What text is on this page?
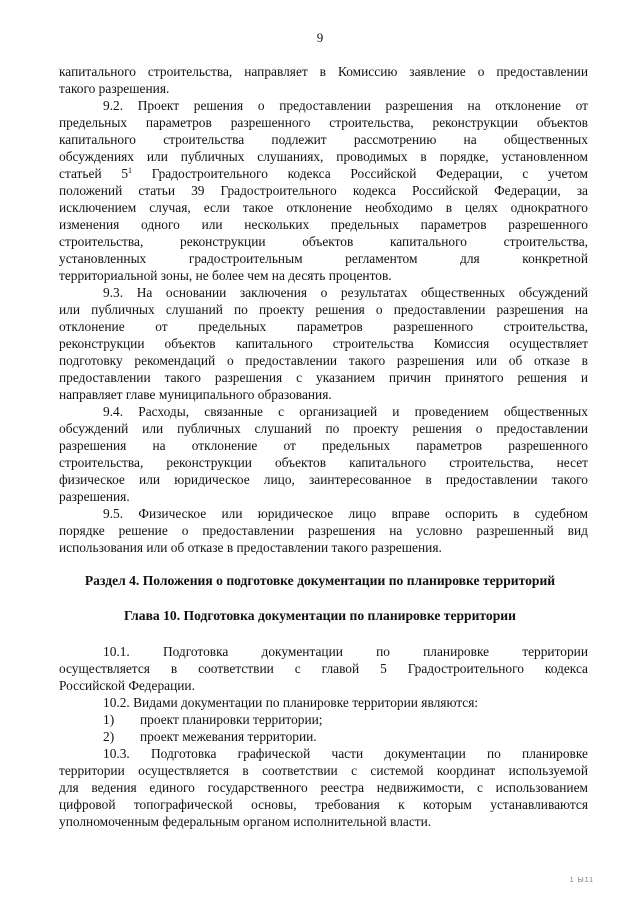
9
капитального строительства, направляет в Комиссию заявление о предоставлении
такого разрешения.
9.2. Проект решения о предоставлении разрешения на отклонение от
предельных параметров разрешенного строительства, реконструкции объектов
капитального строительства подлежит рассмотрению на общественных
обсуждениях или публичных слушаниях, проводимых в порядке, установленном
статьей $5^1$ Градостроительного кодекса Российской Федерации, с учетом
положений статьи 39 Градостроительного кодекса Российской Федерации, за
исключением случая, если такое отклонение необходимо в целях однократного
изменения одного или нескольких предельных параметров разрешенного
строительства, реконструкции объектов капитального строительства,
установленных градостроительным регламентом для конкретной
территориальной зоны, не более чем на десять процентов.
9.3. На основании заключения о результатах общественных обсуждений
или публичных слушаний по проекту решения о предоставлении разрешения на
отклонение от предельных параметров разрешенного строительства,
реконструкции объектов капитального строительства Комиссия осуществляет
подготовку рекомендаций о предоставлении такого разрешения или об отказе в
предоставлении такого разрешения с указанием причин принятого решения и
направляет главе муниципального образования.
9.4. Расходы, связанные с организацией и проведением общественных
обсуждений или публичных слушаний по проекту решения о предоставлении
разрешения на отклонение от предельных параметров разрешенного
строительства, реконструкции объектов капитального строительства, несет
физическое или юридическое лицо, заинтересованное в предоставлении такого
разрешения.
9.5. Физическое или юридическое лицо вправе оспорить в судебном
порядке решение о предоставлении разрешения на условно разрешенный вид
использования или об отказе в предоставлении такого разрешения.
Раздел 4. Положения о подготовке документации по планировке территорий
Глава 10. Подготовка документации по планировке территории
10.1. Подготовка документации по планировке территории
осуществляется в соответствии с главой 5 Градостроительного кодекса
Российской Федерации.
10.2. Видами документации по планировке территории являются:
1)	проект планировки территории;
2)	проект межевания территории.
10.3. Подготовка графической части документации по планировке
территории осуществляется в соответствии с системой координат используемой
для ведения единого государственного реестра недвижимости, с использованием
цифровой топографической основы, требования к которым устанавливаются
уполномоченным федеральным органом исполнительной власти.
1 Ы11
